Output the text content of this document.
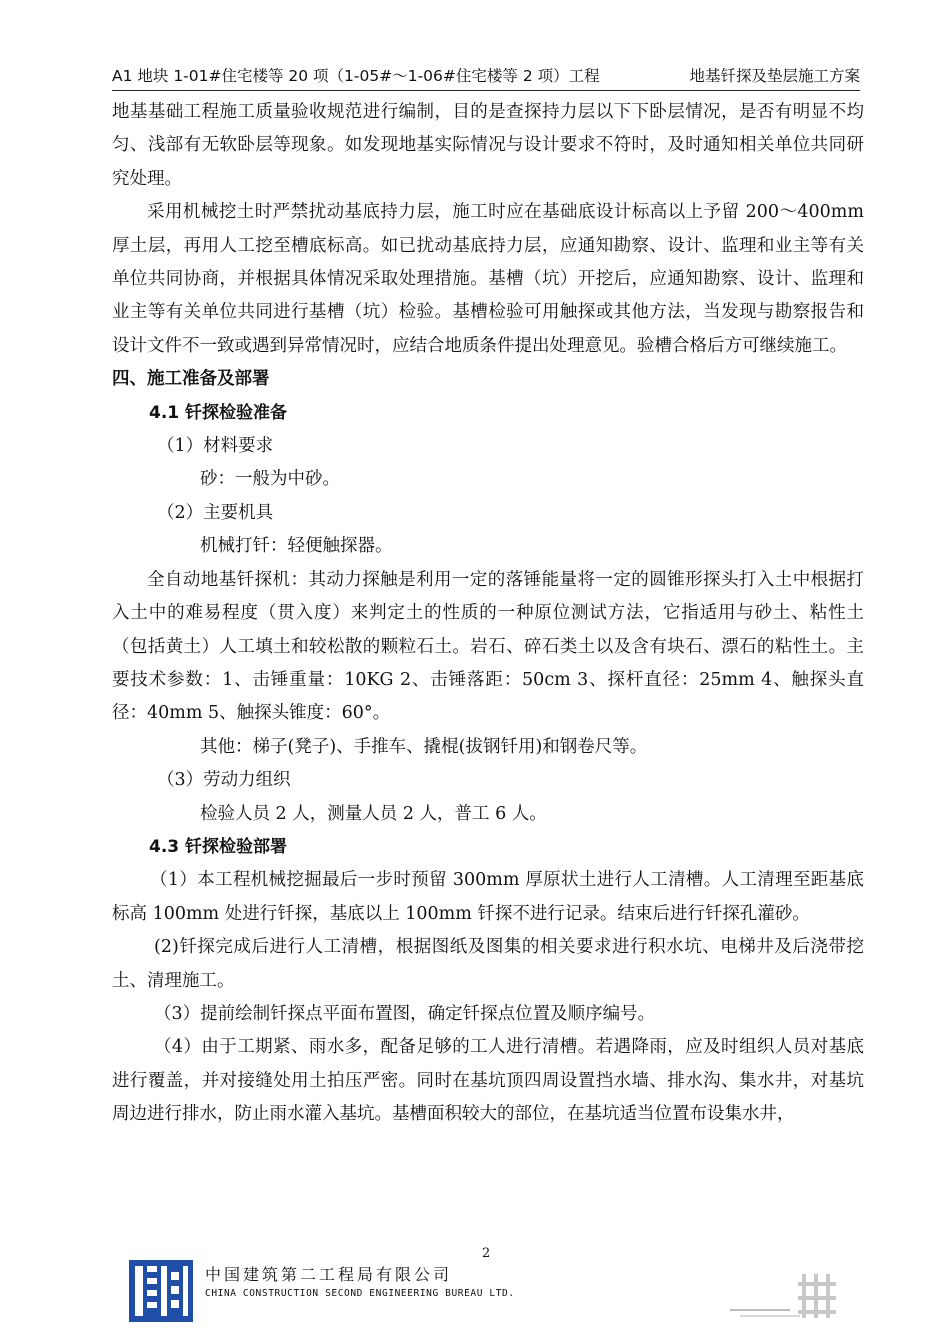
A1 地块 1-01#住宅楼等 20 项（1-05#～1-06#住宅楼等 2 项）工程	地基钎探及垫层施工方案

地基基础工程施工质量验收规范进行编制，目的是查探持力层以下下卧层情况，是否有明显不均匀、浅部有无软卧层等现象。如发现地基实际情况与设计要求不符时，及时通知相关单位共同研究处理。

采用机械挖土时严禁扰动基底持力层，施工时应在基础底设计标高以上予留 200～400mm 厚土层，再用人工挖至槽底标高。如已扰动基底持力层，应通知勘察、设计、监理和业主等有关单位共同协商，并根据具体情况采取处理措施。基槽（坑）开挖后，应通知勘察、设计、监理和业主等有关单位共同进行基槽（坑）检验。基槽检验可用触探或其他方法，当发现与勘察报告和设计文件不一致或遇到异常情况时，应结合地质条件提出处理意见。验槽合格后方可继续施工。

四、施工准备及部署

4.1 钎探检验准备

（1）材料要求

砂：一般为中砂。

（2）主要机具

机械打钎：轻便触探器。

全自动地基钎探机：其动力探触是利用一定的落锤能量将一定的圆锥形探头打入土中根据打入土中的难易程度（贯入度）来判定土的性质的一种原位测试方法，它指适用与砂土、粘性土（包括黄土）人工填土和较松散的颗粒石土。岩石、碎石类土以及含有块石、漂石的粘性土。主要技术参数：1、击锤重量：10KG 2、击锤落距：50cm 3、探杆直径：25mm 4、触探头直径：40mm 5、触探头锥度：60°。

其他：梯子(凳子)、手推车、撬棍(拔钢钎用)和钢卷尺等。

（3）劳动力组织

检验人员 2 人，测量人员 2 人，普工 6 人。

4.3 钎探检验部署

（1）本工程机械挖掘最后一步时预留 300mm 厚原状土进行人工清槽。人工清理至距基底标高 100mm 处进行钎探，基底以上 100mm 钎探不进行记录。结束后进行钎探孔灌砂。

(2)钎探完成后进行人工清槽，根据图纸及图集的相关要求进行积水坑、电梯井及后浇带挖土、清理施工。

（3）提前绘制钎探点平面布置图，确定钎探点位置及顺序编号。

（4）由于工期紧、雨水多，配备足够的工人进行清槽。若遇降雨，应及时组织人员对基底进行覆盖，并对接缝处用土拍压严密。同时在基坑顶四周设置挡水墙、排水沟、集水井，对基坑周边进行排水，防止雨水灌入基坑。基槽面积较大的部位，在基坑适当位置布设集水井，

2
中国建筑第二工程局有限公司
CHINA CONSTRUCTION SECOND ENGINEERING BUREAU LTD.
